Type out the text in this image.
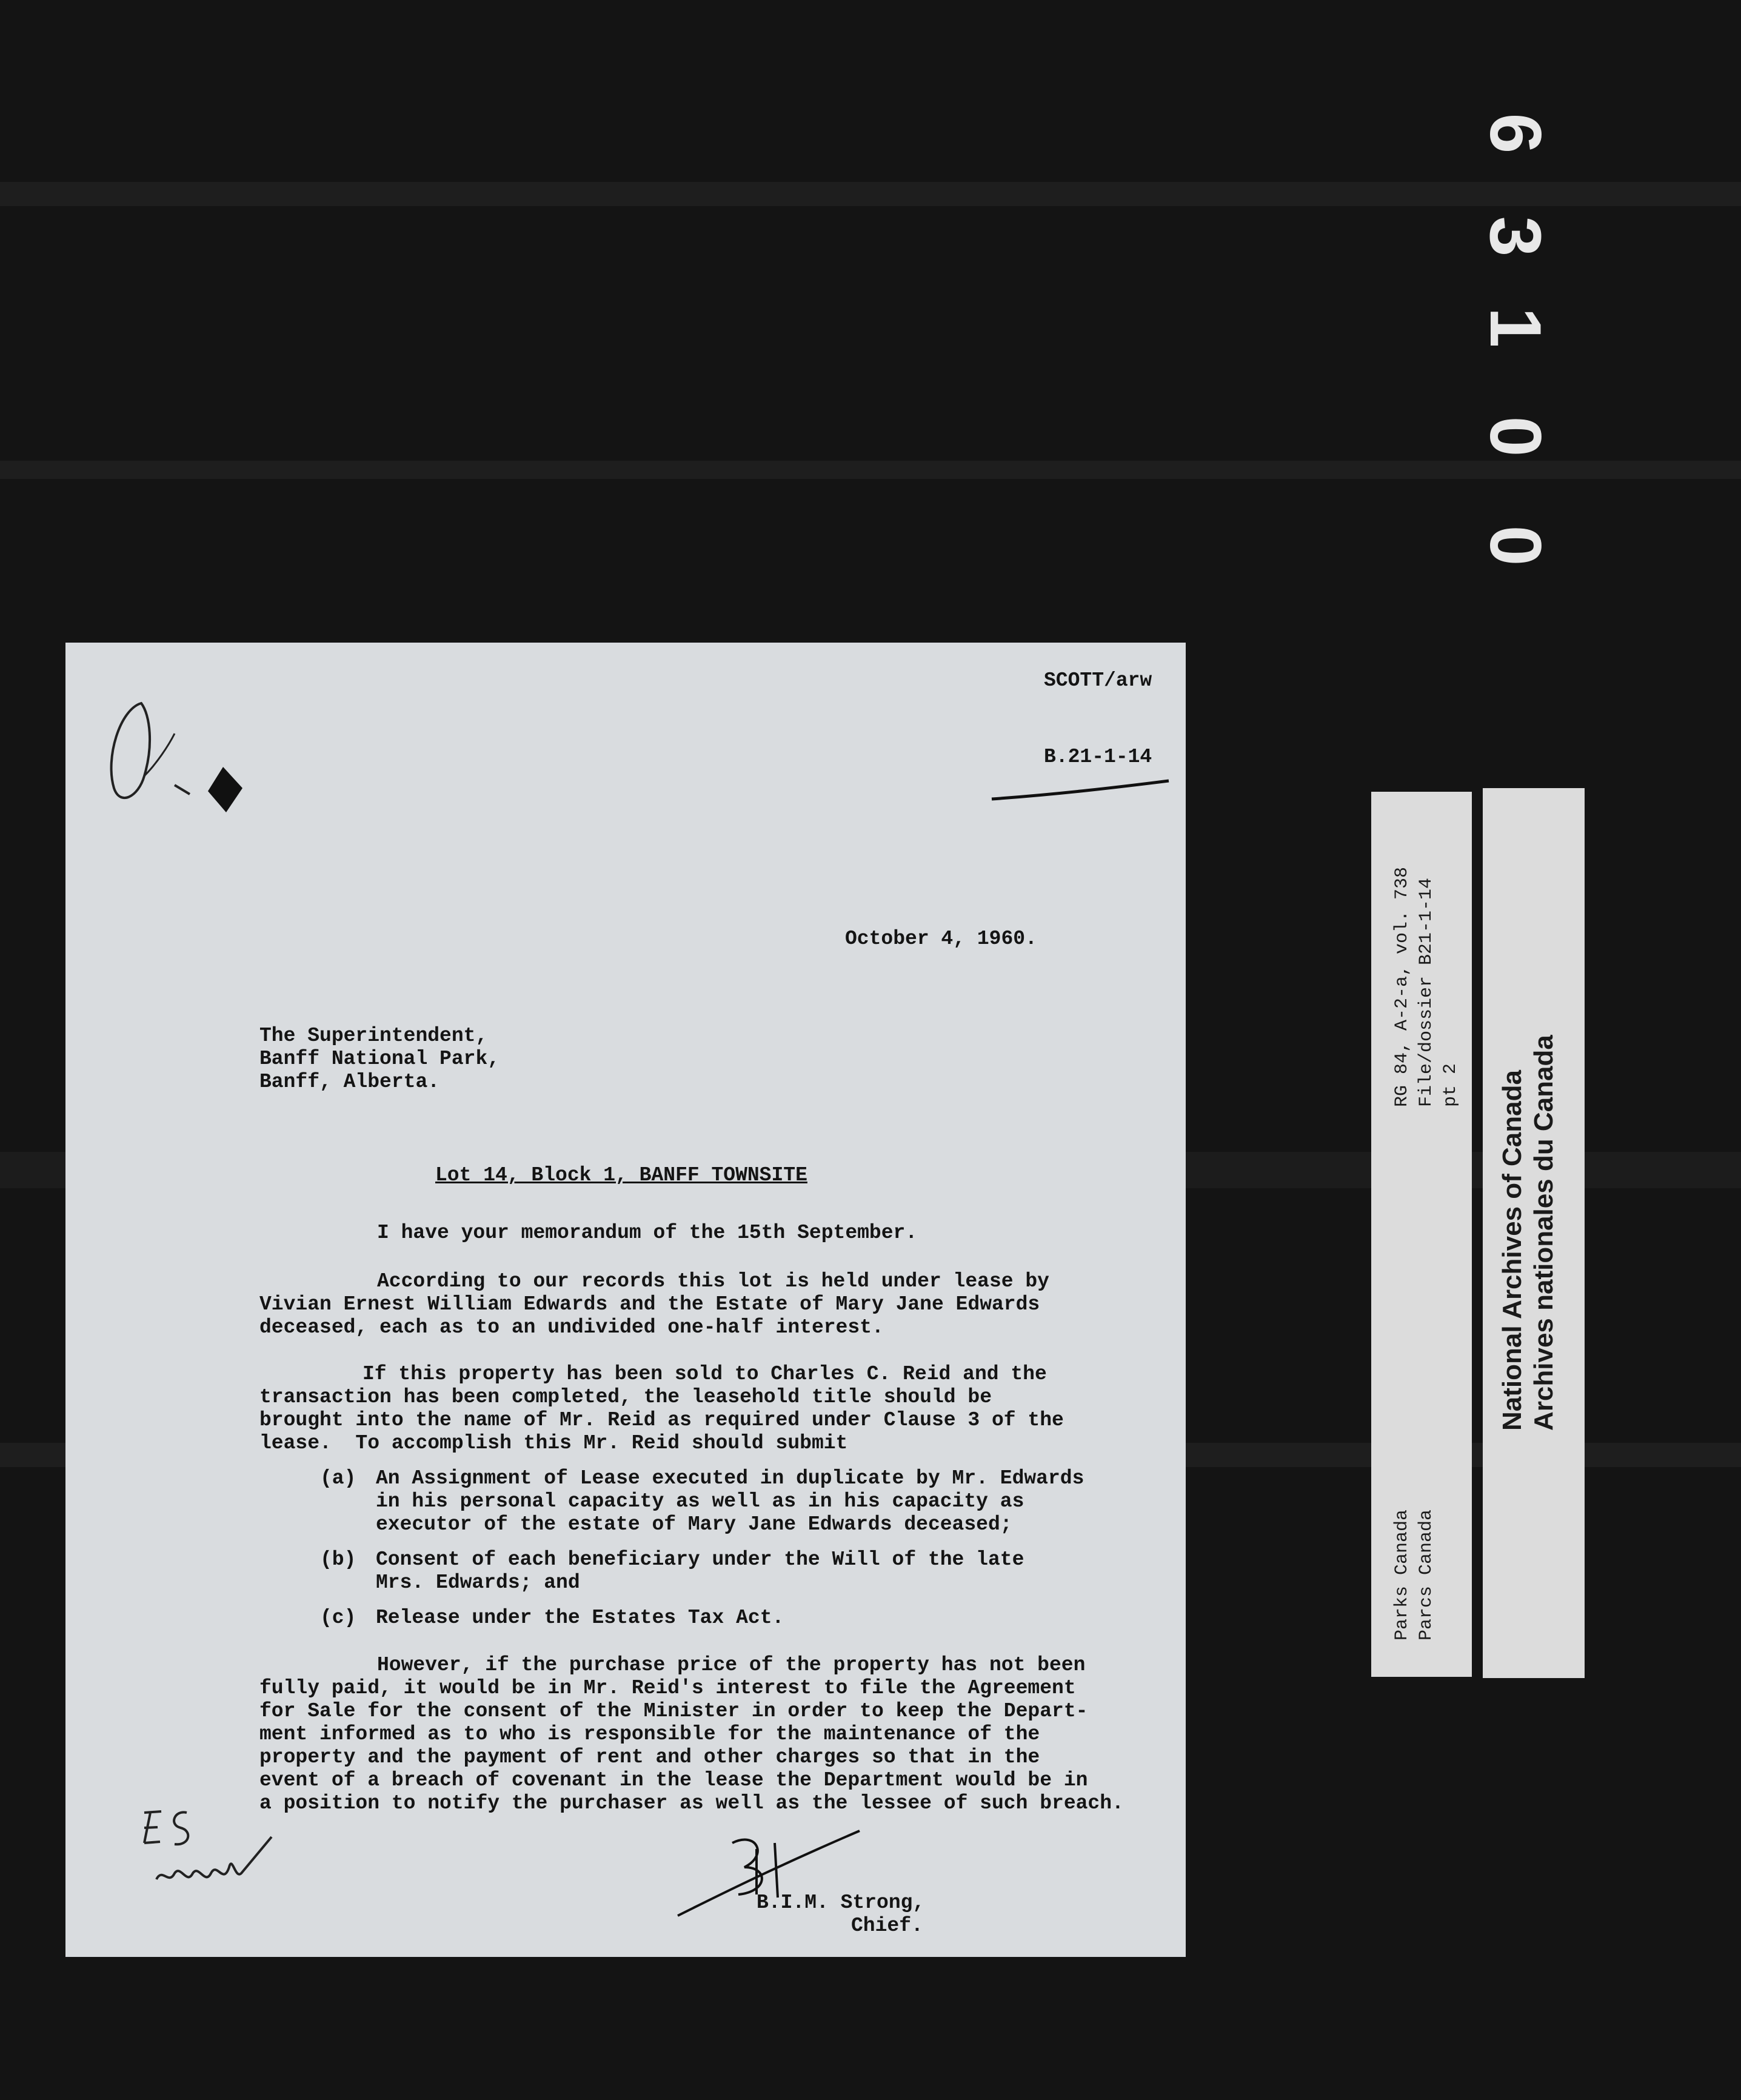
0
0
1
3
6
SCOTT/arw
B.21-1-14
October 4, 1960.
The Superintendent,
Banff National Park,
Banff, Alberta.
Lot 14, Block 1, BANFF TOWNSITE
I have your memorandum of the 15th September.
According to our records this lot is held under lease by
Vivian Ernest William Edwards and the Estate of Mary Jane Edwards
deceased, each as to an undivided one-half interest.
If this property has been sold to Charles C. Reid and the
transaction has been completed, the leasehold title should be
brought into the name of Mr. Reid as required under Clause 3 of the
lease.  To accomplish this Mr. Reid should submit
(a) An Assignment of Lease executed in duplicate by Mr. Edwards
in his personal capacity as well as in his capacity as
executor of the estate of Mary Jane Edwards deceased;
(b) Consent of each beneficiary under the Will of the late
Mrs. Edwards; and
(c) Release under the Estates Tax Act.
However, if the purchase price of the property has not been
fully paid, it would be in Mr. Reid's interest to file the Agreement
for Sale for the consent of the Minister in order to keep the Depart-
ment informed as to who is responsible for the maintenance of the
property and the payment of rent and other charges so that in the
event of a breach of covenant in the lease the Department would be in
a position to notify the purchaser as well as the lessee of such breach.
B.I.M. Strong,
Chief.
RG 84, A-2-a, vol. 738 File/dossier B21-1-14 pt 2
Parks Canada Parcs Canada
National Archives of Canada Archives nationales du Canada
